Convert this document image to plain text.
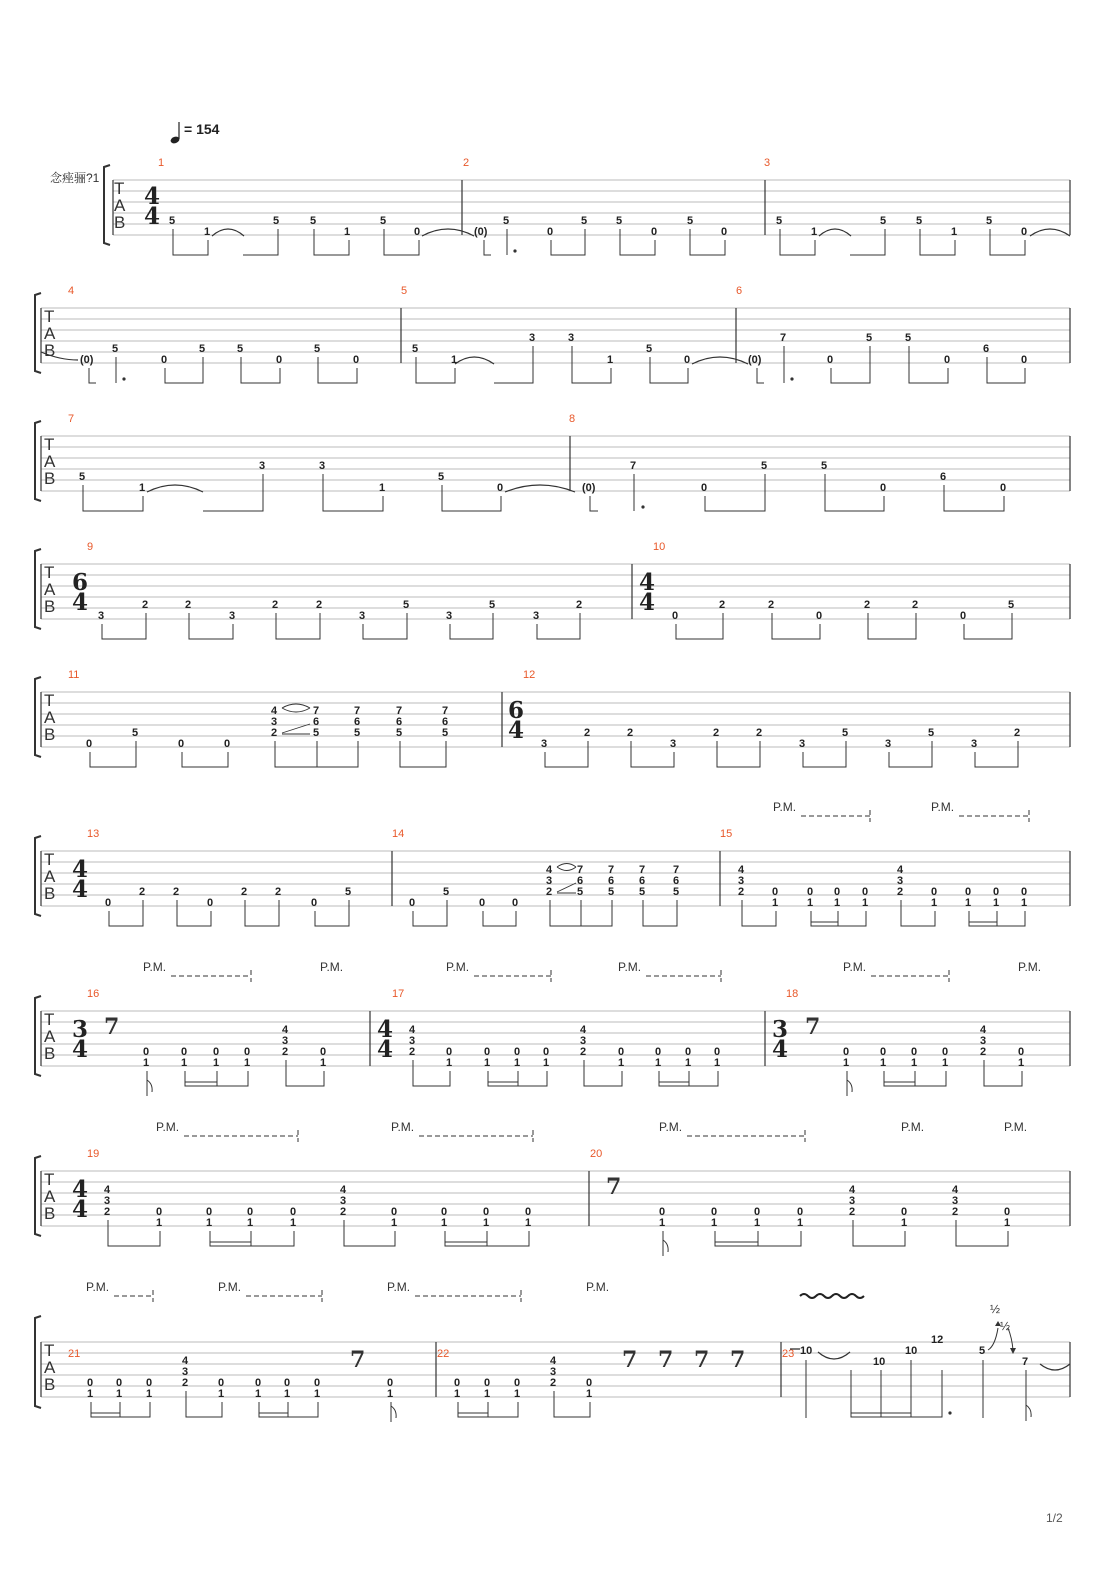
= 154
念痤骊?1
1/2
T
A
B
4
4
1	2	3
5
1
5	5
1
5
0	(0)
5
0
5	5
0
5
0
5
1
5	5
1
5
0
T
A
B
4	5	6
(0)
5
0
5	5
0
5
0
5
1
3	3
1
5
0	(0)
7
0
5	5
0
6
0
T
A
B
7	8
5
1
3	3
1
5
0	(0)
7
0
5	5
0
6
0
T
A
B
6
4
4
4
9	10
3
2	2
3
2	2
3
5
3
5
3
2
0
2	2
0
2	2
0
5
T
A
B
11	12
6
4
0
5
0	0
4
3
2
7
6
5
7
6
5
7
6
5
7
6
5
3
2	2
3
2	2
3
5
3
5
3
2
P.M.	P.M.
T
A
B
4
4
13	14	15
0
2	2
0
2	2
0
5
0
5
0 0
4
3
2
7
6
5
7
6
5
7
6
5
7
6
5
4
3
2	0
1
0
1
0
1
0
1
4
3
2	0
1
0
1
0
1
0
1
P.M.	P.M.	P.M.	P.M.	P.M.	P.M.
T
A
B
3
4
4
4
3
4
16	17	18
7	7
0
1
0
1
0
1
0
1
4
3
2	0
1
4
3
2	0
1
0
1
0
1
0
1
4
3
2	0
1
0
1
0
1
0
1
0
1
0
1
0
1
0
1
4
3
2	0
1
P.M.	P.M.	P.M.	P.M.	P.M.
T
A
B
4
4
19	20
7
4
3
2	0
1
0
1
0
1
0
1
4
3
2	0
1
0
1
0
1
0
1
0
1
0
1
0
1
0
1
4
3
2	0
1
4
3
2	0
1
P.M.	P.M.	P.M.	P.M.
½
½
T
A
B
21	22	23
7	7 7 7 7
0
1
0
1
0
1
4
3
2	0
1
0
1
0
1
0
1
0
1
0
1
0
1
0
1
4
3
2	0
1
10
10
10
12
5
7
